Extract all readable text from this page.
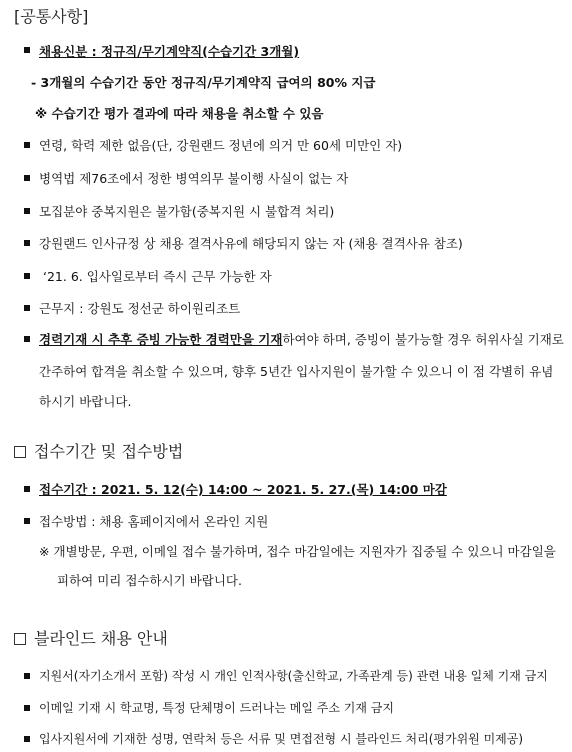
[공통사항]
채용신분 : 정규직/무기계약직(수습기간 3개월)
- 3개월의 수습기간 동안 정규직/무기계약직 급여의 80% 지급
※ 수습기간 평가 결과에 따라 채용을 취소할 수 있음
연령, 학력 제한 없음(단, 강원랜드 정년에 의거 만 60세 미만인 자)
병역법 제76조에서 정한 병역의무 불이행 사실이 없는 자
모집분야 중복지원은 불가함(중복지원 시 불합격 처리)
강원랜드 인사규정 상 채용 결격사유에 해당되지 않는 자 (채용 결격사유 참조)
‘21. 6. 입사일로부터 즉시 근무 가능한 자
근무지 : 강원도 정선군 하이원리조트
경력기재 시 추후 증빙 가능한 경력만을 기재하여야 하며, 증빙이 불가능할 경우 허위사실 기재로
간주하여 합격을 취소할 수 있으며, 향후 5년간 입사지원이 불가할 수 있으니 이 점 각별히 유념
하시기 바랍니다.
접수기간 및 접수방법
접수기간 : 2021. 5. 12(수) 14:00 ~ 2021. 5. 27.(목) 14:00 마감
접수방법 : 채용 홈페이지에서 온라인 지원
※ 개별방문, 우편, 이메일 접수 불가하며, 접수 마감일에는 지원자가 집중될 수 있으니 마감일을
피하여 미리 접수하시기 바랍니다.
블라인드 채용 안내
지원서(자기소개서 포함) 작성 시 개인 인적사항(출신학교, 가족관계 등) 관련 내용 일체 기재 금지
이메일 기재 시 학교명, 특정 단체명이 드러나는 메일 주소 기재 금지
입사지원서에 기재한 성명, 연락처 등은 서류 및 면접전형 시 블라인드 처리(평가위원 미제공)
